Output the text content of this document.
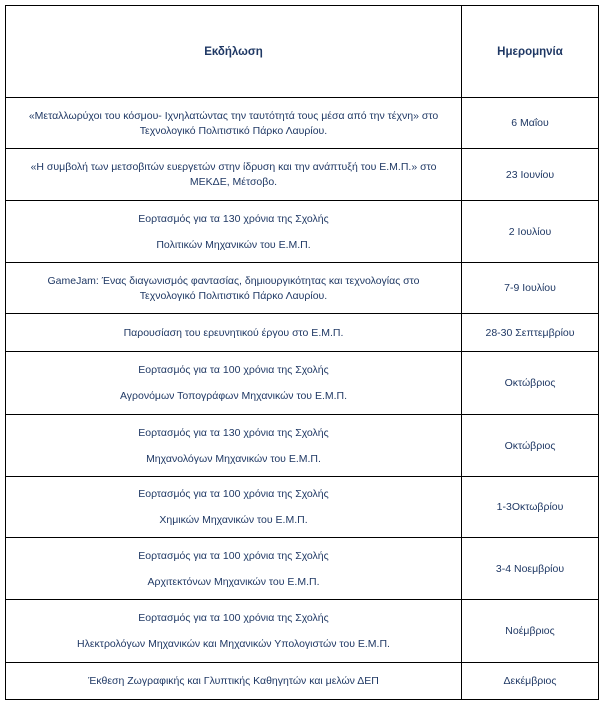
Εκδήλωση	Ημερομηνία

«Μεταλλωρύχοι του κόσμου- Ιχνηλατώντας την ταυτότητά τους μέσα από την τέχνη» στο
Τεχνολογικό Πολιτιστικό Πάρκο Λαυρίου.	6 Μαΐου

«Η συμβολή των μετσοβιτών ευεργετών στην ίδρυση και την ανάπτυξή του Ε.Μ.Π.» στο
ΜΕΚΔΕ, Μέτσοβο.	23 Ιουνίου

Εορτασμός για τα 130 χρόνια της Σχολής
Πολιτικών Μηχανικών του Ε.Μ.Π.	2 Ιουλίου

GameJam: Ένας διαγωνισμός φαντασίας, δημιουργικότητας και τεχνολογίας στο
Τεχνολογικό Πολιτιστικό Πάρκο Λαυρίου.	7-9 Ιουλίου

Παρουσίαση του ερευνητικού έργου στο Ε.Μ.Π.	28-30 Σεπτεμβρίου

Εορτασμός για τα 100 χρόνια της Σχολής
Αγρονόμων Τοπογράφων Μηχανικών του Ε.Μ.Π.	Οκτώβριος

Εορτασμός για τα 130 χρόνια της Σχολής
Μηχανολόγων Μηχανικών του Ε.Μ.Π.	Οκτώβριος

Εορτασμός για τα 100 χρόνια της Σχολής
Χημικών Μηχανικών του Ε.Μ.Π.	1-3Οκτωβρίου

Εορτασμός για τα 100 χρόνια της Σχολής
Αρχιτεκτόνων Μηχανικών του Ε.Μ.Π.	3-4 Νοεμβρίου

Εορτασμός για τα 100 χρόνια της Σχολής
Ηλεκτρολόγων Μηχανικών και Μηχανικών Υπολογιστών του Ε.Μ.Π.	Νοέμβριος

Έκθεση Ζωγραφικής και Γλυπτικής Καθηγητών και μελών ΔΕΠ	Δεκέμβριος
